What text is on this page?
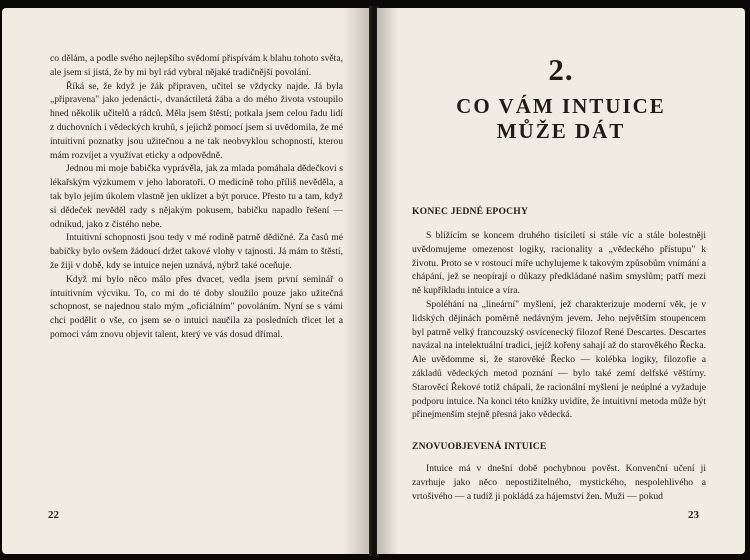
co dělám, a podle svého nejlepšího svědomí přispívám k blahu tohoto světa, ale jsem si jistá, že by mi byl rád vybral nějaké tradičnější povolání.

Říká se, že když je žák připraven, učitel se vždycky najde. Já byla „připravena" jako jedenácti-, dvanáctiletá žába a do mého života vstoupilo hned několik učitelů a rádců. Měla jsem štěstí; potkala jsem celou řadu lidí z duchovních i vědeckých kruhů, s jejichž pomocí jsem si uvědomila, že mé intuitivní poznatky jsou užitečnou a ne tak neobvyklou schopností, kterou mám rozvíjet a využívat eticky a odpovědně.

Jednou mi moje babička vyprávěla, jak za mlada pomáhala dědečkovi s lékařským výzkumem v jeho laboratoři. O medicíně toho příliš nevěděla, a tak bylo jejím úkolem vlastně jen uklízet a být poruce. Přesto tu a tam, když si dědeček nevěděl rady s nějakým pokusem, babičku napadlo řešení — odnikud, jako z čistého nebe.

Intuitivní schopnosti jsou tedy v mé rodině patrně dědičné. Za časů mé babičky bylo ovšem žádoucí držet takové vlohy v tajnosti. Já mám to štěstí, že žiji v době, kdy se intuice nejen uznává, nýbrž také oceňuje.

Když mi bylo něco málo přes dvacet, vedla jsem první seminář o intuitivním výcviku. To, co mi do té doby sloužilo pouze jako užitečná schopnost, se najednou stalo mým „oficiálním" povoláním. Nyní se s vámi chci podělit o vše, co jsem se o intuici naučila za posledních třicet let a pomoci vám znovu objevit talent, který ve vás dosud dřímal.

22
2.
CO VÁM INTUICE
MŮŽE DÁT
KONEC JEDNÉ EPOCHY

S blížícím se koncem druhého tisíciletí si stále víc a stále bolestněji uvědomujeme omezenost logiky, racionality a „vědeckého přístupu" k životu. Proto se v rostoucí míře uchylujeme k takovým způsobům vnímání a chápání, jež se neopírají o důkazy předkládané našim smyslům; patří mezi ně kupříkladu intuice a víra.

Spoléhání na „lineární" myšlení, jež charakterizuje moderní věk, je v lidských dějinách poměrně nedávným jevem. Jeho největším stoupencem byl patrně velký francouzský osvícenecký filozof René Descartes. Descartes navázal na intelektuální tradici, jejíž kořeny sahají až do starověkého Řecka. Ale uvědomme si, že starověké Řecko — kolébka logiky, filozofie a základů vědeckých metod poznání — bylo také zemí delfské věštírny. Starověcí Řekové totiž chápali, že racionální myšlení je neúplné a vyžaduje podporu intuice. Na konci této knížky uvidíte, že intuitivní metoda může být přinejmenším stejně přesná jako vědecká.

ZNOVUOBJEVENÁ INTUICE

Intuice má v dnešní době pochybnou pověst. Konvenční učení ji zavrhuje jako něco nepostižitelného, mystického, nespolehlivého a vrtošivého — a tudíž ji pokládá za hájemství žen. Muži — pokud

23
